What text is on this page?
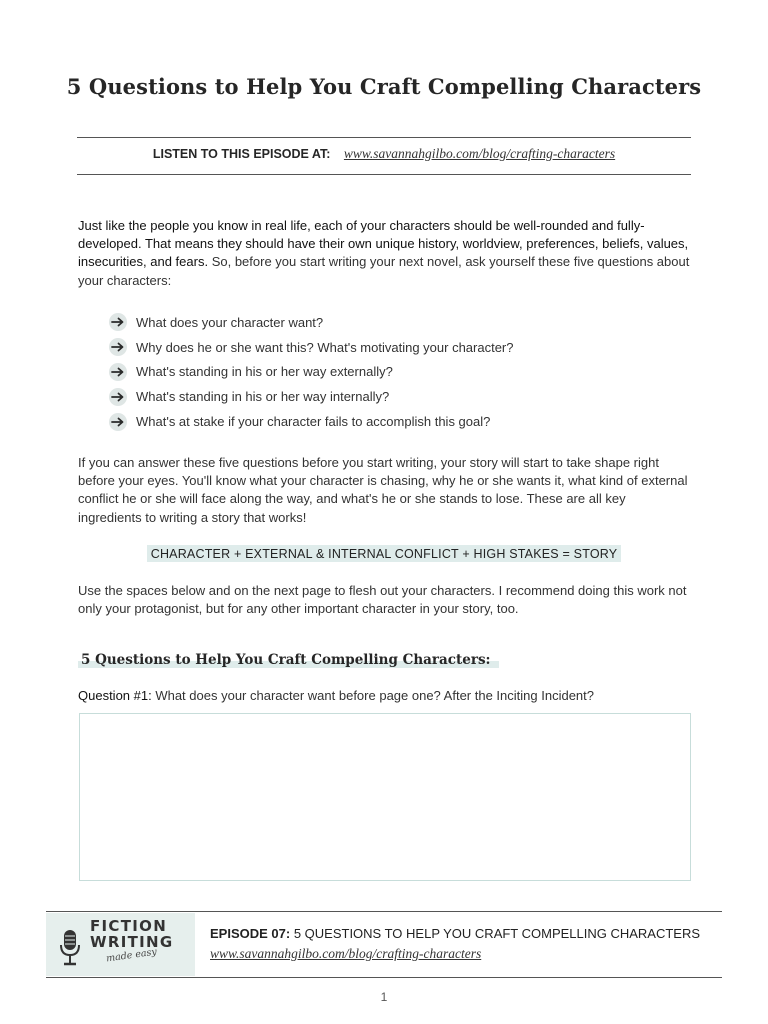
5 Questions to Help You Craft Compelling Characters
LISTEN TO THIS EPISODE AT: www.savannahgilbo.com/blog/crafting-characters
Just like the people you know in real life, each of your characters should be well-rounded and fully-developed. That means they should have their own unique history, worldview, preferences, beliefs, values, insecurities, and fears. So, before you start writing your next novel, ask yourself these five questions about your characters:
What does your character want?
Why does he or she want this? What's motivating your character?
What's standing in his or her way externally?
What's standing in his or her way internally?
What's at stake if your character fails to accomplish this goal?
If you can answer these five questions before you start writing, your story will start to take shape right before your eyes. You'll know what your character is chasing, why he or she wants it, what kind of external conflict he or she will face along the way, and what's he or she stands to lose. These are all key ingredients to writing a story that works!
CHARACTER + EXTERNAL & INTERNAL CONFLICT + HIGH STAKES = STORY
Use the spaces below and on the next page to flesh out your characters. I recommend doing this work not only your protagonist, but for any other important character in your story, too.
5 Questions to Help You Craft Compelling Characters:
Question #1: What does your character want before page one? After the Inciting Incident?
FICTION
WRITING
made easy
EPISODE 07: 5 QUESTIONS TO HELP YOU CRAFT COMPELLING CHARACTERS
www.savannahgilbo.com/blog/crafting-characters
1
